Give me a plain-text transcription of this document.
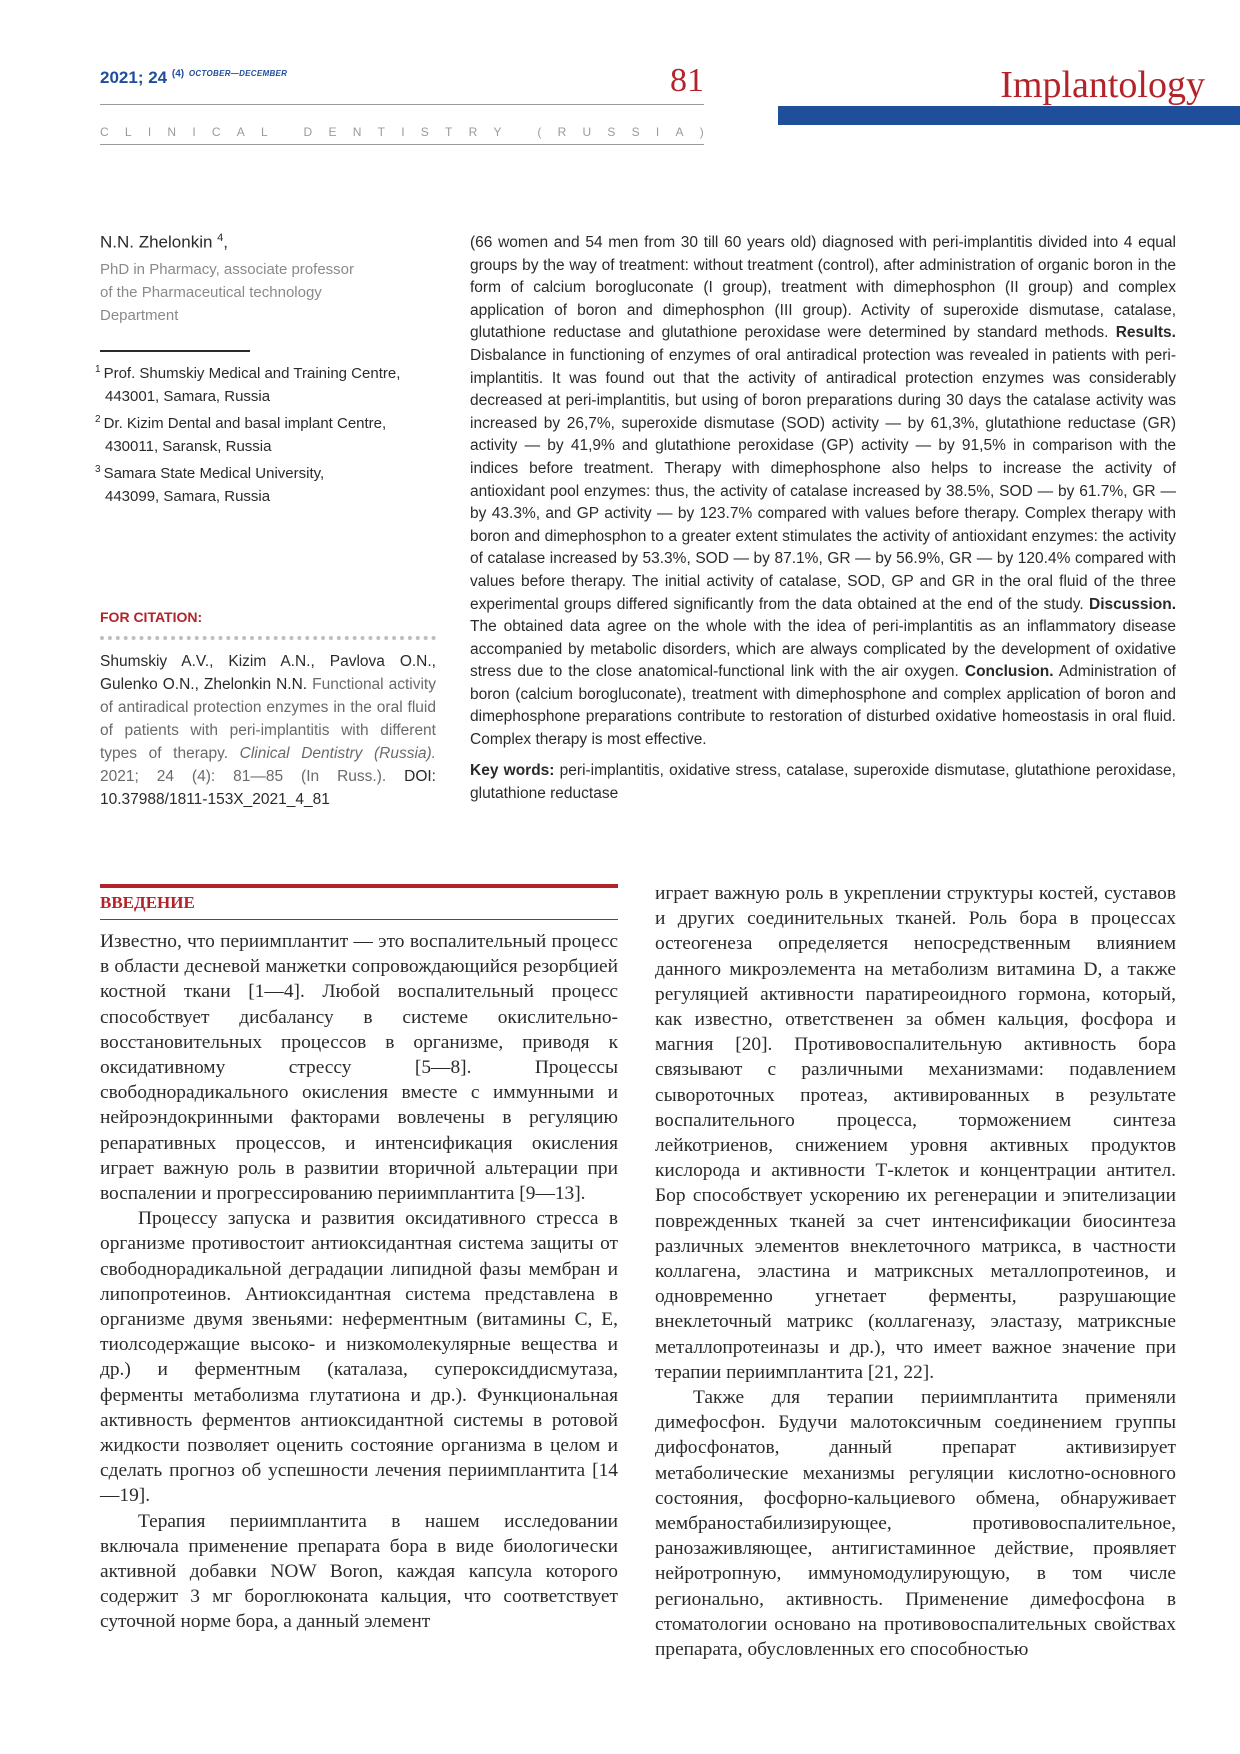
2021; 24 $^{(4)}$ $^{OCTOBER—DECEMBER}$	81
C L I N I C A L
	D E N T I S T R Y
	( R U S S I A )
Implantology
N.N. Zhelonkin $^4$,
PhD in Pharmacy, associate professor
of the Pharmaceutical technology
Department
$^1$ Prof. Shumskiy Medical and Training Centre,
443001, Samara, Russia
$^2$ Dr. Kizim Dental and basal implant Centre,
430011, Saransk, Russia
$^3$ Samara State Medical University,
443099, Samara, Russia
FOR CITATION:
Shumskiy A.V., Kizim A.N., Pavlova O.N., Gulenko O.N., Zhelonkin N.N. Functional activity of antiradical protection enzymes in the oral fluid of patients with peri-implantitis with different types of therapy. Clinical Dentistry (Russia). 2021; 24 (4): 81—85 (In Russ.). DOI: 10.37988/1811-153X_2021_4_81
(66 women and 54 men from 30 till 60 years old) diagnosed with peri-implantitis divided into 4 equal groups by the way of treatment: without treatment (control), after administration of organic boron in the form of calcium borogluconate (I group), treatment with dimephosphon (II group) and complex application of boron and dimephosphon (III group). Activity of superoxide dismutase, catalase, glutathione reductase and glutathione peroxidase were determined by standard methods. Results. Disbalance in functioning of enzymes of oral antiradical protection was revealed in patients with peri-implantitis. It was found out that the activity of antiradical protection enzymes was considerably decreased at peri-implantitis, but using of boron preparations during 30 days the catalase activity was increased by 26,7%, superoxide dismutase (SOD) activity — by 61,3%, glutathione reductase (GR) activity — by 41,9% and glutathione peroxidase (GP) activity — by 91,5% in comparison with the indices before treatment. Therapy with dimephosphone also helps to increase the activity of antioxidant pool enzymes: thus, the activity of catalase increased by 38.5%, SOD — by 61.7%, GR — by 43.3%, and GP activity — by 123.7% compared with values before therapy. Complex therapy with boron and dimephosphon to a greater extent stimulates the activity of antioxidant enzymes: the activity of catalase increased by 53.3%, SOD — by 87.1%, GR — by 56.9%, GR — by 120.4% compared with values before therapy. The initial activity of catalase, SOD, GP and GR in the oral fluid of the three experimental groups differed significantly from the data obtained at the end of the study. Discussion. The obtained data agree on the whole with the idea of peri-implantitis as an inflammatory disease accompanied by metabolic disorders, which are always complicated by the development of oxidative stress due to the close anatomical-functional link with the air oxygen. Conclusion. Administration of boron (calcium borogluconate), treatment with dimephosphone and complex application of boron and dimephosphone preparations contribute to restoration of disturbed oxidative homeostasis in oral fluid. Complex therapy is most effective.
Key words: peri-implantitis, oxidative stress, catalase, superoxide dismutase, glutathione peroxidase, glutathione reductase
ВВЕДЕНИЕ

Известно, что периимплантит — это воспалительный процесс в области десневой манжетки сопровождающийся резорбцией костной ткани [1—4]. Любой воспалительный процесс способствует дисбалансу в системе окислительно-восстановительных процессов в организме, приводя к оксидативному стрессу [5—8]. Процессы свободнорадикального окисления вместе с иммунными и нейроэндокринными факторами вовлечены в регуляцию репаративных процессов, и интенсификация окисления играет важную роль в развитии вторичной альтерации при воспалении и прогрессированию периимплантита [9—13].

Процессу запуска и развития оксидативного стресса в организме противостоит антиоксидантная система защиты от свободнорадикальной деградации липидной фазы мембран и липопротеинов. Антиоксидантная система представлена в организме двумя звеньями: неферментным (витамины С, Е, тиолсодержащие высоко- и низкомолекулярные вещества и др.) и ферментным (каталаза, супероксиддисмутаза, ферменты метаболизма глутатиона и др.). Функциональная активность ферментов антиоксидантной системы в ротовой жидкости позволяет оценить состояние организма в целом и сделать прогноз об успешности лечения периимплантита [14—19].

Терапия периимплантита в нашем исследовании включала применение препарата бора в виде биологически активной добавки NOW Boron, каждая капсула которого содержит 3 мг бороглюконата кальция, что соответствует суточной норме бора, а данный элемент

играет важную роль в укреплении структуры костей, суставов и других соединительных тканей. Роль бора в процессах остеогенеза определяется непосредственным влиянием данного микроэлемента на метаболизм витамина D, а также регуляцией активности паратиреоидного гормона, который, как известно, ответственен за обмен кальция, фосфора и магния [20]. Противовоспалительную активность бора связывают с различными механизмами: подавлением сывороточных протеаз, активированных в результате воспалительного процесса, торможением синтеза лейкотриенов, снижением уровня активных продуктов кислорода и активности Т-клеток и концентрации антител. Бор способствует ускорению их регенерации и эпителизации поврежденных тканей за счет интенсификации биосинтеза различных элементов внеклеточного матрикса, в частности коллагена, эластина и матриксных металлопротеинов, и одновременно угнетает ферменты, разрушающие внеклеточный матрикс (коллагеназу, эластазу, матриксные металлопротеиназы и др.), что имеет важное значение при терапии периимплантита [21, 22].

Также для терапии периимплантита применяли димефосфон. Будучи малотоксичным соединением группы дифосфонатов, данный препарат активизирует метаболические механизмы регуляции кислотно-основного состояния, фосфорно-кальциевого обмена, обнаруживает мембраностабилизирующее, противовоспалительное, ранозаживляющее, антигистаминное действие, проявляет нейротропную, иммуномодулирующую, в том числе регионально, активность. Применение димефосфона в стоматологии основано на противовоспалительных свойствах препарата, обусловленных его способностью
